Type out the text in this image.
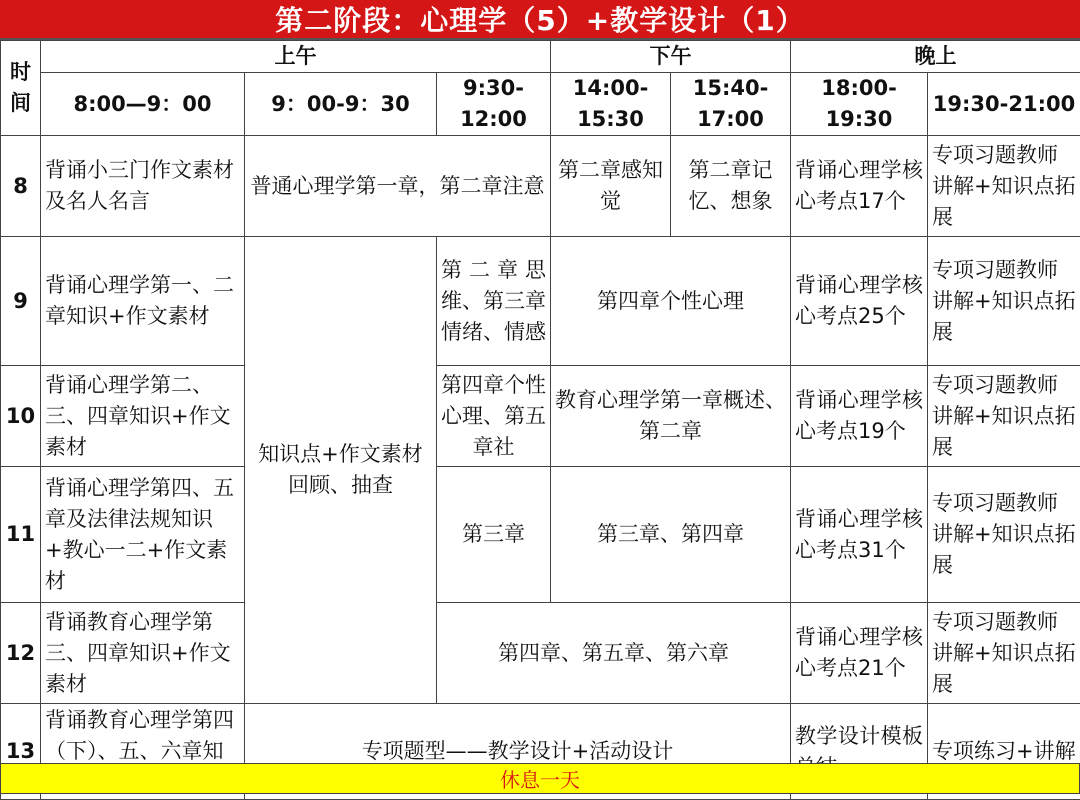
第二阶段：心理学（5）+教学设计（1）
时间	上午			下午		晚上	
	8:00—9：00	9：00-9：30	9:30-12:00	14:00-15:30	15:40-17:00	18:00-19:30	19:30-21:00
8	背诵小三门作文素材及名人名言	普通心理学第一章，第二章注意		第二章感知觉	第二章记忆、想象	背诵心理学核心考点17个	专项习题教师讲解+知识点拓展
9	背诵心理学第一、二章知识+作文素材	知识点+作文素材回顾、抽查	第二章思维、第三章情绪、情感	第四章个性心理		背诵心理学核心考点25个	专项习题教师讲解+知识点拓展
10	背诵心理学第二、三、四章知识+作文素材		第四章个性心理、第五章社	教育心理学第一章概述、第二章		背诵心理学核心考点19个	专项习题教师讲解+知识点拓展
11	背诵心理学第四、五章及法律法规知识+教心一二+作文素材		第三章	第三章、第四章		背诵心理学核心考点31个	专项习题教师讲解+知识点拓展
12	背诵教育心理学第三、四章知识+作文素材		第四章、第五章、第六章			背诵心理学核心考点21个	专项习题教师讲解+知识点拓展
13	背诵教育心理学第四（下）、五、六章知	专项题型——教学设计+活动设计				教学设计模板	专项练习+讲解
休息一天
